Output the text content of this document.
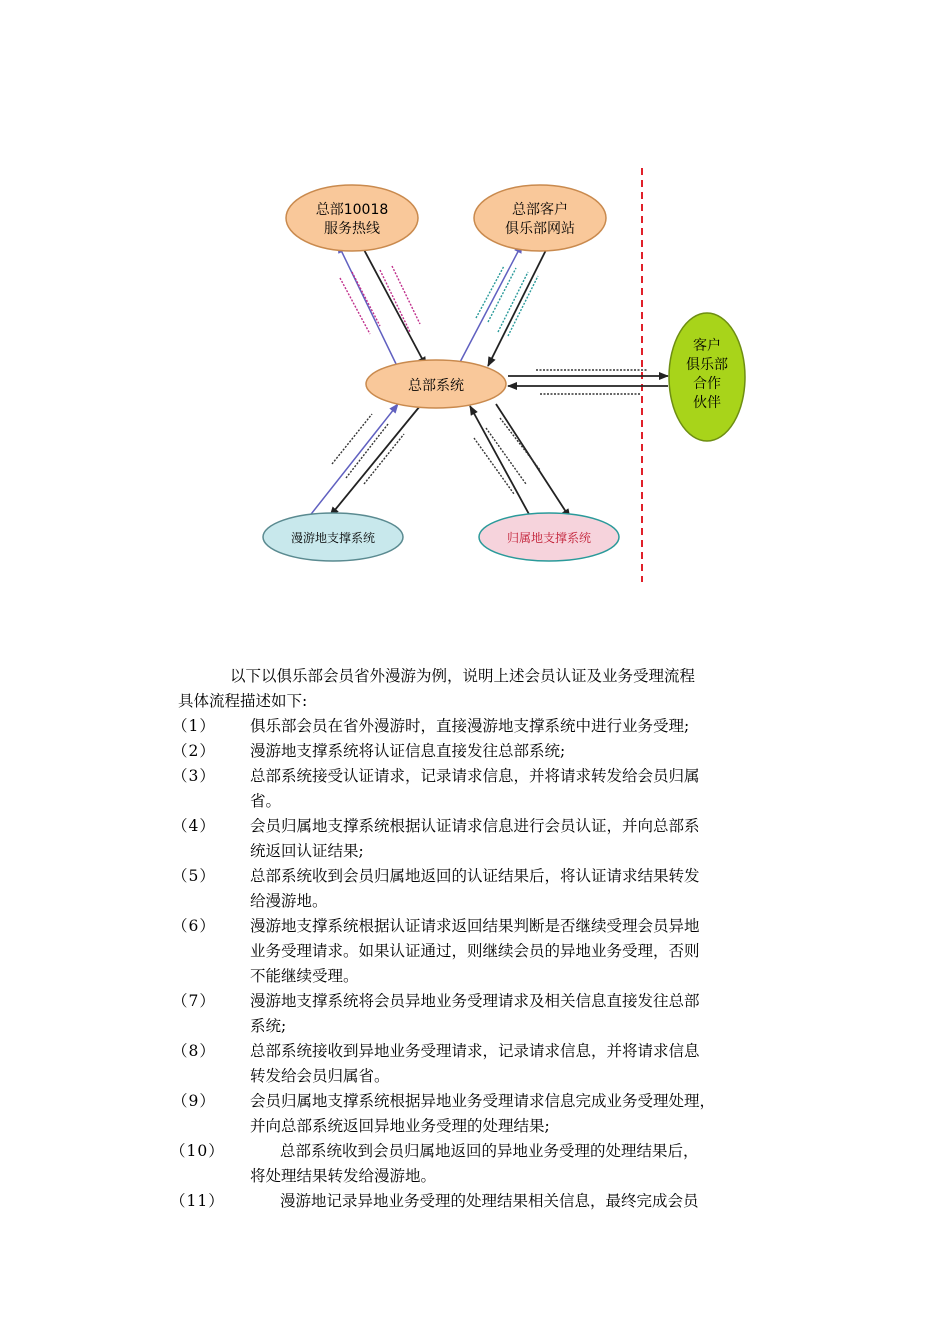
总部10018
服务热线
总部客户
俱乐部网站
总部系统
客户
俱乐部
合作
伙伴
漫游地支撑系统	归属地支撑系统
以下以俱乐部会员省外漫游为例，说明上述会员认证及业务受理流程
具体流程描述如下:
（1）	俱乐部会员在省外漫游时，直接漫游地支撑系统中进行业务受理;
（2）	漫游地支撑系统将认证信息直接发往总部系统;
（3）	总部系统接受认证请求，记录请求信息，并将请求转发给会员归属
省。
（4）	会员归属地支撑系统根据认证请求信息进行会员认证，并向总部系
统返回认证结果;
（5）	总部系统收到会员归属地返回的认证结果后，将认证请求结果转发
给漫游地。
（6）	漫游地支撑系统根据认证请求返回结果判断是否继续受理会员异地
业务受理请求。如果认证通过，则继续会员的异地业务受理，否则
不能继续受理。
（7）	漫游地支撑系统将会员异地业务受理请求及相关信息直接发往总部
系统;
（8）	总部系统接收到异地业务受理请求，记录请求信息，并将请求信息
转发给会员归属省。
（9）	会员归属地支撑系统根据异地业务受理请求信息完成业务受理处理，
并向总部系统返回异地业务受理的处理结果;
（10）	总部系统收到会员归属地返回的异地业务受理的处理结果后，
将处理结果转发给漫游地。
（11）	漫游地记录异地业务受理的处理结果相关信息，最终完成会员
